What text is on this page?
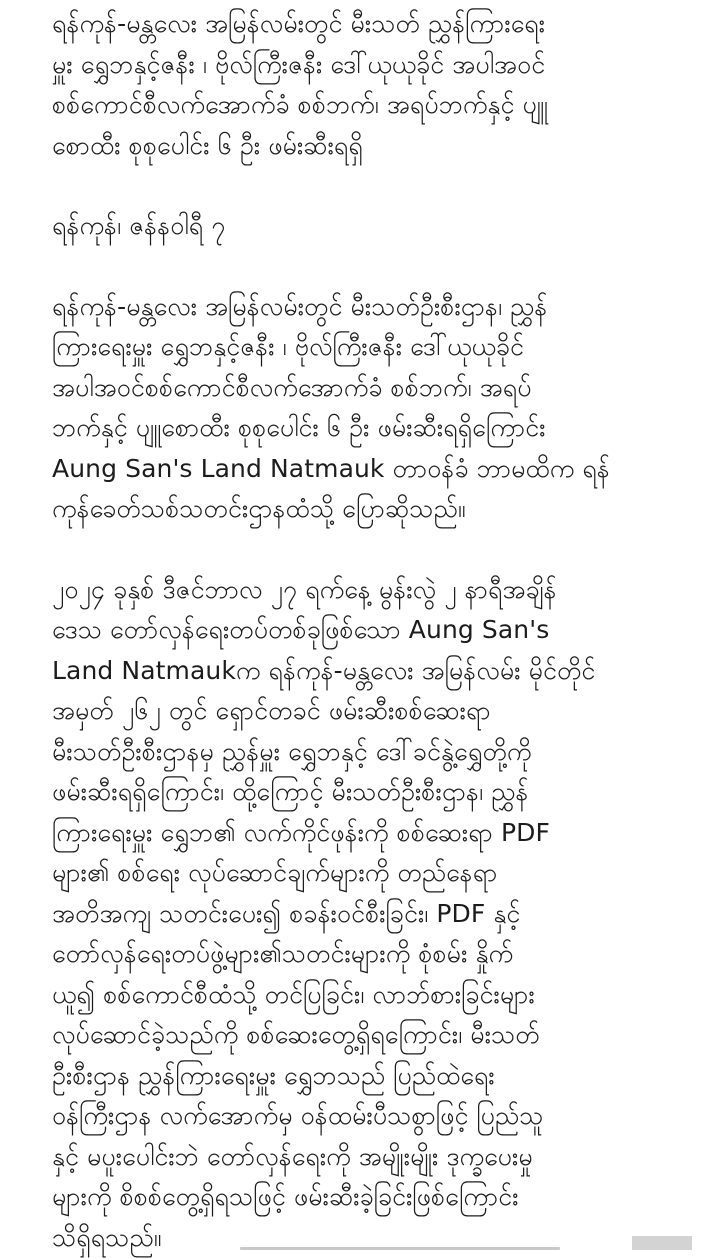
ရန်ကုန်-မန္တလေး အမြန်လမ်းတွင် မီးသတ် ညွှန်ကြားရေး
မှူး ရွှေဘနှင့်ဇနီး ၊ ဗိုလ်ကြီးဇနီး ဒေါ်ယုယုခိုင် အပါအဝင်
စစ်ကောင်စီလက်အောက်ခံ စစ်ဘက်၊ အရပ်ဘက်နှင့် ပျူ
စောထီး စုစုပေါင်း ၆ ဦး ဖမ်းဆီးရရှိ

ရန်ကုန်၊ ဇန်နဝါရီ ၇

ရန်ကုန်-မန္တလေး အမြန်လမ်းတွင် မီးသတ်ဦးစီးဌာန၊ ညွှန်
ကြားရေးမှူး ရွှေဘနှင့်ဇနီး ၊ ဗိုလ်ကြီးဇနီး ဒေါ်ယုယုခိုင်
အပါအဝင်စစ်ကောင်စီလက်အောက်ခံ စစ်ဘက်၊ အရပ်
ဘက်နှင့် ပျူစောထီး စုစုပေါင်း ၆ ဦး ဖမ်းဆီးရရှိကြောင်း
Aung San's Land Natmauk တာဝန်ခံ ဘာမထိက ရန်
ကုန်ခေတ်သစ်သတင်းဌာနထံသို့ ပြောဆိုသည်။

၂၀၂၄ ခုနှစ် ဒီဇင်ဘာလ ၂၇ ရက်နေ့ မွန်းလွဲ ၂ နာရီအချိန်
ဒေသ တော်လှန်ရေးတပ်တစ်ခုဖြစ်သော Aung San's
Land Natmaukက ရန်ကုန်-မန္တလေး အမြန်လမ်း မိုင်တိုင်
အမှတ် ၂၆၂ တွင် ရှောင်တခင် ဖမ်းဆီးစစ်ဆေးရာ
မီးသတ်ဦးစီးဌာနမှ ညွှန်မှူး ရွှေဘနှင့် ဒေါ်ခင်နွဲ့ရွှေတို့ကို
ဖမ်းဆီးရရှိကြောင်း၊ ထို့ကြောင့် မီးသတ်ဦးစီးဌာန၊ ညွှန်
ကြားရေးမှူး ရွှေဘ၏ လက်ကိုင်ဖုန်းကို စစ်ဆေးရာ PDF
များ၏ စစ်ရေး လုပ်ဆောင်ချက်များကို တည်နေရာ
အတိအကျ သတင်းပေး၍ စခန်းဝင်စီးခြင်း၊ PDF နှင့်
တော်လှန်ရေးတပ်ဖွဲ့များ၏သတင်းများကို စုံစမ်း နှိုက်
ယူ၍ စစ်ကောင်စီထံသို့ တင်ပြခြင်း၊ လာဘ်စားခြင်းများ
လုပ်ဆောင်ခဲ့သည်ကို စစ်ဆေးတွေ့ရှိရကြောင်း၊ မီးသတ်
ဦးစီးဌာန ညွှန်ကြားရေးမှူး ရွှေဘသည် ပြည်ထဲရေး
ဝန်ကြီးဌာန လက်အောက်မှ ဝန်ထမ်းပီသစွာဖြင့် ပြည်သူ
နှင့် မပူးပေါင်းဘဲ တော်လှန်ရေးကို အမျိုးမျိုး ဒုက္ခပေးမှု
များကို စိစစ်တွေ့ရှိရသဖြင့် ဖမ်းဆီးခဲ့ခြင်းဖြစ်ကြောင်း
သိရှိရသည်။
